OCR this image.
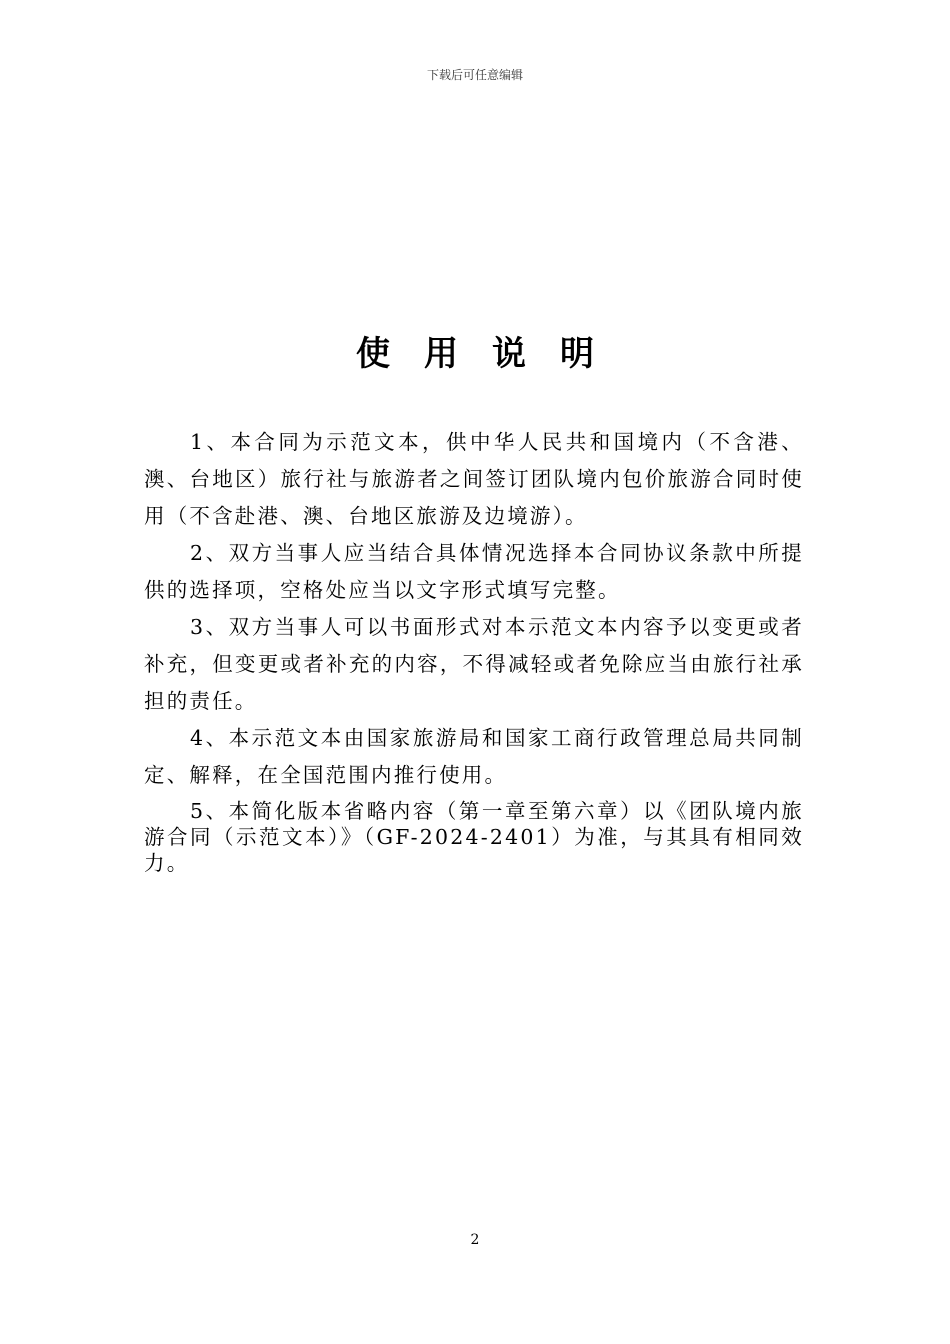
下载后可任意编辑
使用说明

1、本合同为示范文本，供中华人民共和国境内（不含港、澳、台地区）旅行社与旅游者之间签订团队境内包价旅游合同时使用（不含赴港、澳、台地区旅游及边境游）。

2、双方当事人应当结合具体情况选择本合同协议条款中所提供的选择项，空格处应当以文字形式填写完整。

3、双方当事人可以书面形式对本示范文本内容予以变更或者补充，但变更或者补充的内容，不得减轻或者免除应当由旅行社承担的责任。

4、本示范文本由国家旅游局和国家工商行政管理总局共同制定、解释，在全国范围内推行使用。

5、本简化版本省略内容（第一章至第六章）以《团队境内旅游合同（示范文本）》（GF-2024-2401）为准，与其具有相同效力。

2
